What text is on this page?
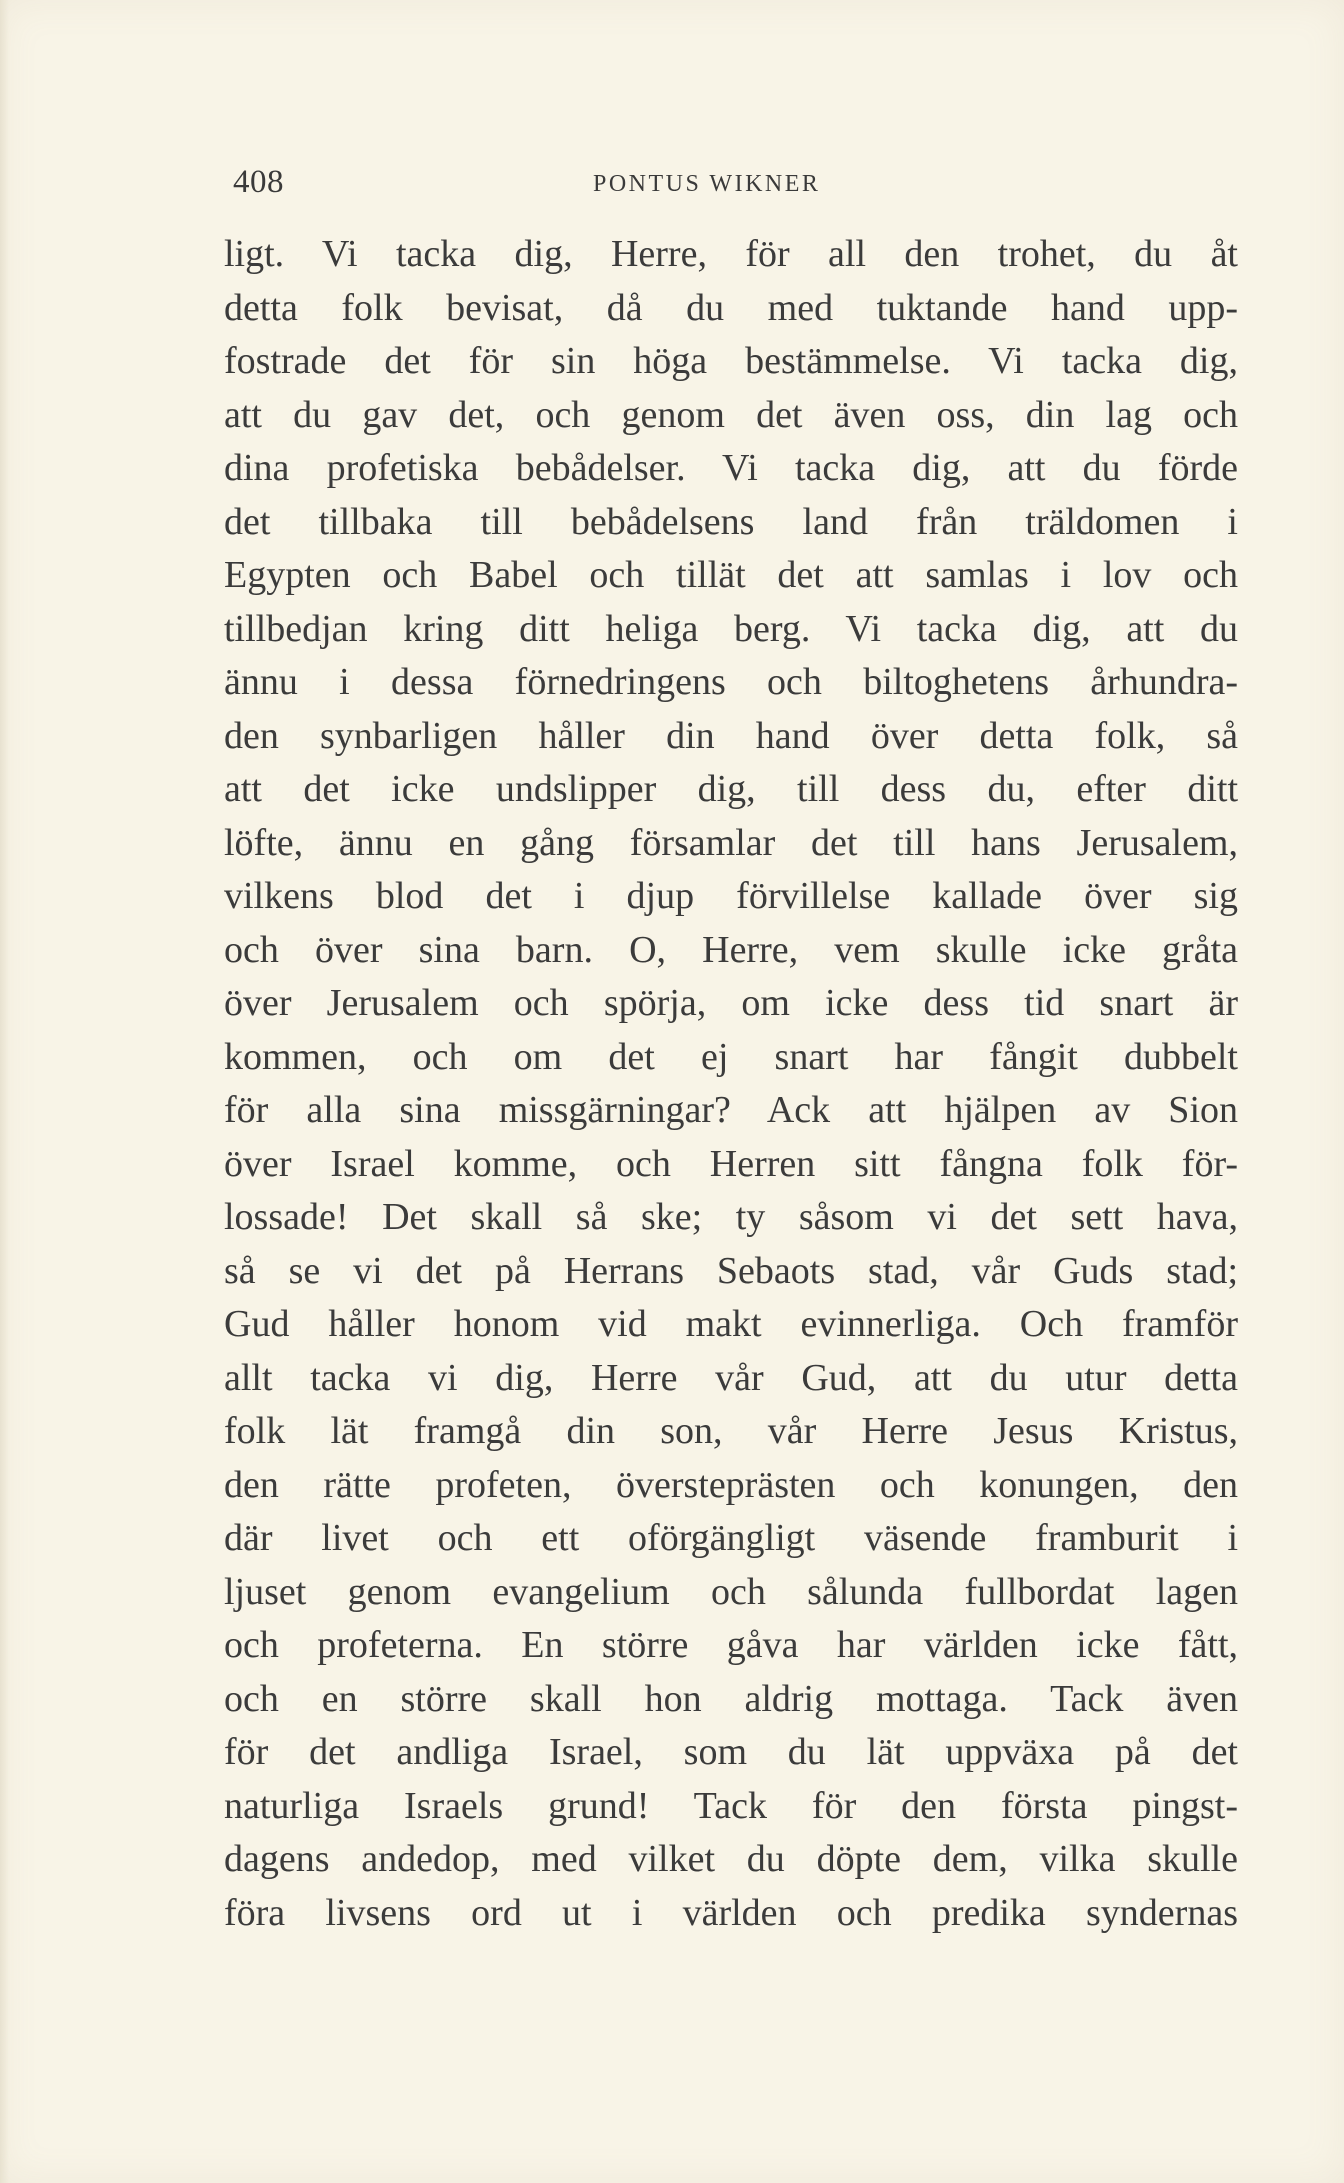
408	PONTUS WIKNER
ligt. Vi tacka dig, Herre, för all den trohet, du åt
detta folk bevisat, då du med tuktande hand upp-
fostrade det för sin höga bestämmelse. Vi tacka dig,
att du gav det, och genom det även oss, din lag och
dina profetiska bebådelser. Vi tacka dig, att du förde
det tillbaka till bebådelsens land från träldomen i
Egypten och Babel och tillät det att samlas i lov och
tillbedjan kring ditt heliga berg. Vi tacka dig, att du
ännu i dessa förnedringens och biltoghetens århundra-
den synbarligen håller din hand över detta folk, så
att det icke undslipper dig, till dess du, efter ditt
löfte, ännu en gång församlar det till hans Jerusalem,
vilkens blod det i djup förvillelse kallade över sig
och över sina barn. O, Herre, vem skulle icke gråta
över Jerusalem och spörja, om icke dess tid snart är
kommen, och om det ej snart har fångit dubbelt
för alla sina missgärningar? Ack att hjälpen av Sion
över Israel komme, och Herren sitt fångna folk för-
lossade! Det skall så ske; ty såsom vi det sett hava,
så se vi det på Herrans Sebaots stad, vår Guds stad;
Gud håller honom vid makt evinnerliga. Och framför
allt tacka vi dig, Herre vår Gud, att du utur detta
folk lät framgå din son, vår Herre Jesus Kristus,
den rätte profeten, översteprästen och konungen, den
där livet och ett oförgängligt väsende framburit i
ljuset genom evangelium och sålunda fullbordat lagen
och profeterna. En större gåva har världen icke fått,
och en större skall hon aldrig mottaga. Tack även
för det andliga Israel, som du lät uppväxa på det
naturliga Israels grund! Tack för den första pingst-
dagens andedop, med vilket du döpte dem, vilka skulle
föra livsens ord ut i världen och predika syndernas
